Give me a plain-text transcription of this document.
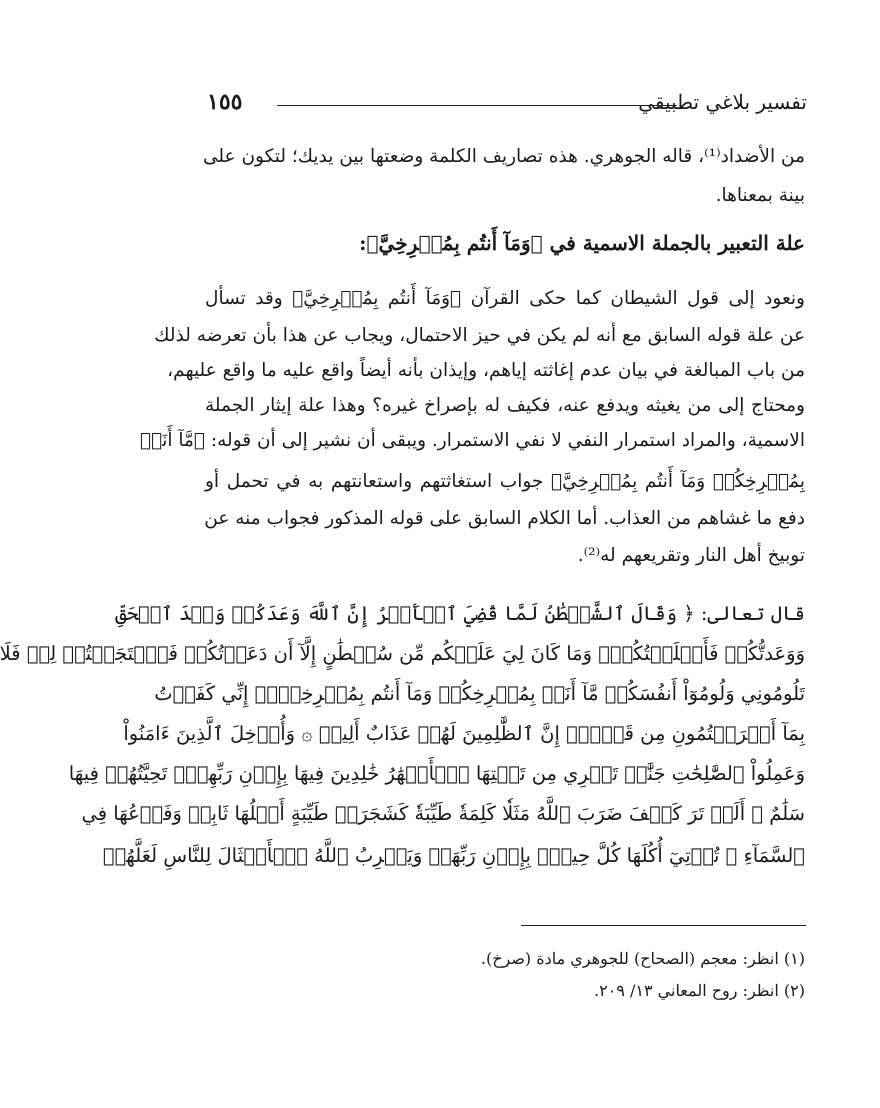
تفسير بلاغي تطبيقي
١٥٥
من الأضداد⁽¹⁾، قاله الجوهري. هذه تصاريف الكلمة وضعتها بين يديك؛ لتكون على
بينة بمعناها.
علة التعبير بالجملة الاسمية في ﴿وَمَآ أَنتُم بِمُصۡرِخِيَّ﴾:
ونعود إلى قول الشيطان كما حكى القرآن ﴿وَمَآ أَنتُم بِمُصۡرِخِيَّ﴾ وقد تسأل
عن علة قوله السابق مع أنه لم يكن في حيز الاحتمال، ويجاب عن هذا بأن تعرضه لذلك
من باب المبالغة في بيان عدم إغاثته إياهم، وإيذان بأنه أيضاً واقع عليه ما واقع عليهم،
ومحتاج إلى من يغيثه ويدفع عنه، فكيف له بإصراخ غيره؟ وهذا علة إيثار الجملة
الاسمية، والمراد استمرار النفي لا نفي الاستمرار. ويبقى أن نشير إلى أن قوله: ﴿مَّآ أَنَا۠
بِمُصۡرِخِكُمۡ وَمَآ أَنتُم بِمُصۡرِخِيَّ﴾ جواب استغاثتهم واستعانتهم به في تحمل أو
دفع ما غشاهم من العذاب. أما الكلام السابق على قوله المذكور فجواب منه عن
توبيخ أهل النار وتقريعهم له⁽²⁾.
قال تعالى: ﴿ وَقَالَ ٱلشَّيۡطَٰنُ لَمَّا قُضِيَ ٱلۡأَمۡرُ إِنَّ ٱللَّهَ وَعَدَكُمۡ وَعۡدَ ٱلۡحَقِّ
وَوَعَدتُّكُمۡ فَأَخۡلَفۡتُكُمۡۖ وَمَا كَانَ لِيَ عَلَيۡكُم مِّن سُلۡطَٰنٍ إِلَّآ أَن دَعَوۡتُكُمۡ فَٱسۡتَجَبۡتُمۡ لِيۖ فَلَا
تَلُومُونِي وَلُومُوٓاْ أَنفُسَكُمۖ مَّآ أَنَا۠ بِمُصۡرِخِكُمۡ وَمَآ أَنتُم بِمُصۡرِخِيَّۖ إِنِّي كَفَرۡتُ
بِمَآ أَشۡرَكۡتُمُونِ مِن قَبۡلُۗ إِنَّ ٱلظَّٰلِمِينَ لَهُمۡ عَذَابٌ أَلِيمٞ ۞ وَأُدۡخِلَ ٱلَّذِينَ ءَامَنُواْ
وَعَمِلُواْ ٱلصَّٰلِحَٰتِ جَنَّٰتٖ تَجۡرِي مِن تَحۡتِهَا ٱلۡأَنۡهَٰرُ خَٰلِدِينَ فِيهَا بِإِذۡنِ رَبِّهِمۡۖ تَحِيَّتُهُمۡ فِيهَا
سَلَٰمٌ ۞ أَلَمۡ تَرَ كَيۡفَ ضَرَبَ ٱللَّهُ مَثَلٗا كَلِمَةٗ طَيِّبَةٗ كَشَجَرَةٖ طَيِّبَةٍ أَصۡلُهَا ثَابِتٞ وَفَرۡعُهَا فِي
ٱلسَّمَآءِ ۞ تُؤۡتِيٓ أُكُلَهَا كُلَّ حِينِۭ بِإِذۡنِ رَبِّهَاۗ وَيَضۡرِبُ ٱللَّهُ ٱلۡأَمۡثَالَ لِلنَّاسِ لَعَلَّهُمۡ
(١) انظر: معجم (الصحاح) للجوهري مادة (صرخ).
(٢) انظر: روح المعاني ١٣/ ٢٠٩.
